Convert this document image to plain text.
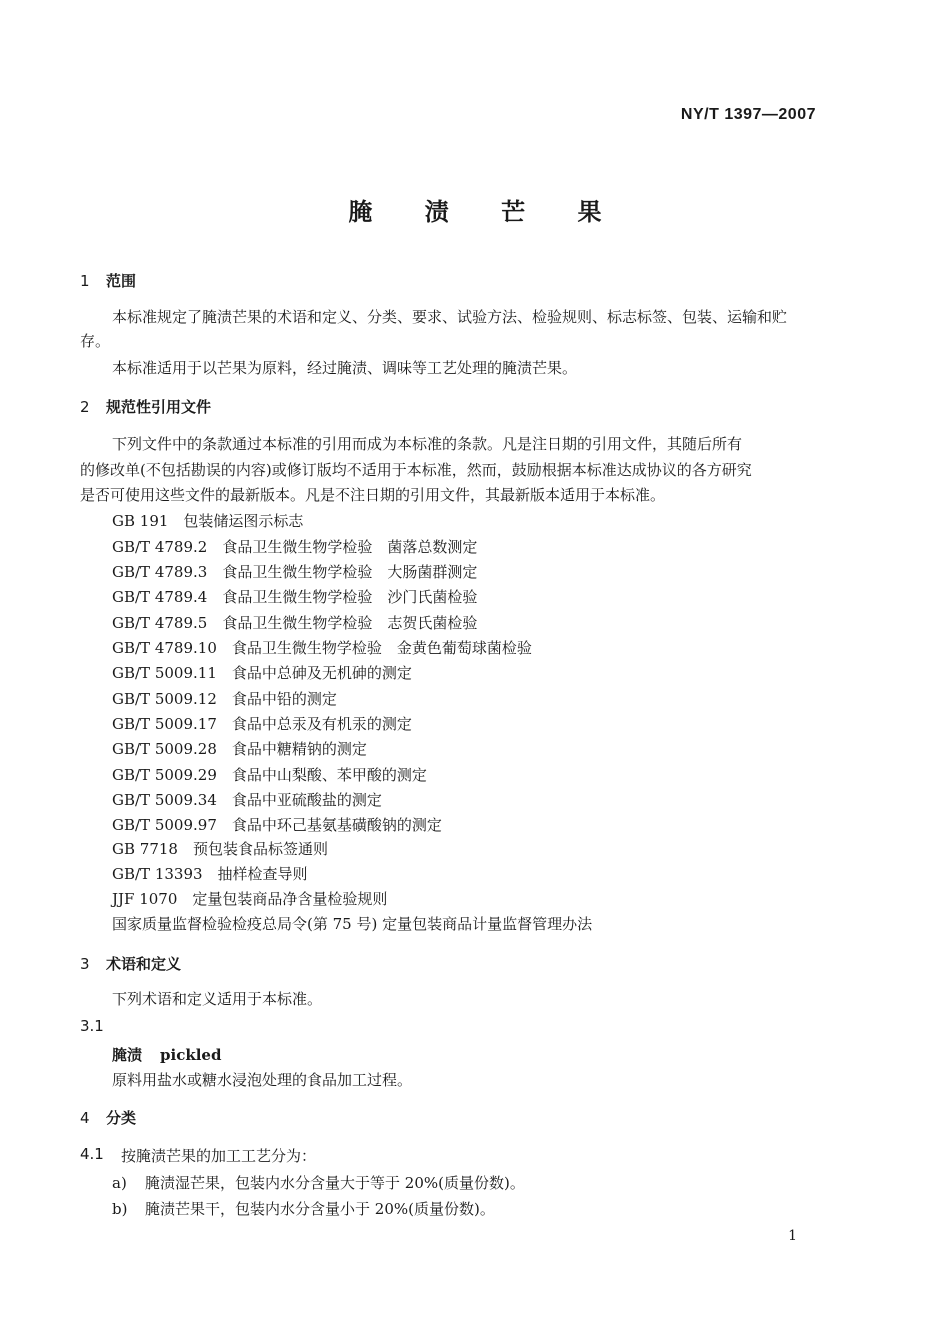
NY/T 1397—2007
腌 渍 芒 果
1 范围
本标准规定了腌渍芒果的术语和定义、分类、要求、试验方法、检验规则、标志标签、包装、运输和贮
存。
本标准适用于以芒果为原料，经过腌渍、调味等工艺处理的腌渍芒果。
2 规范性引用文件
下列文件中的条款通过本标准的引用而成为本标准的条款。凡是注日期的引用文件，其随后所有
的修改单(不包括勘误的内容)或修订版均不适用于本标准，然而，鼓励根据本标准达成协议的各方研究
是否可使用这些文件的最新版本。凡是不注日期的引用文件，其最新版本适用于本标准。
GB 191　包装储运图示标志
GB/T 4789.2　食品卫生微生物学检验　菌落总数测定
GB/T 4789.3　食品卫生微生物学检验　大肠菌群测定
GB/T 4789.4　食品卫生微生物学检验　沙门氏菌检验
GB/T 4789.5　食品卫生微生物学检验　志贺氏菌检验
GB/T 4789.10　食品卫生微生物学检验　金黄色葡萄球菌检验
GB/T 5009.11　食品中总砷及无机砷的测定
GB/T 5009.12　食品中铅的测定
GB/T 5009.17　食品中总汞及有机汞的测定
GB/T 5009.28　食品中糖精钠的测定
GB/T 5009.29　食品中山梨酸、苯甲酸的测定
GB/T 5009.34　食品中亚硫酸盐的测定
GB/T 5009.97　食品中环己基氨基磺酸钠的测定
GB 7718　预包装食品标签通则
GB/T 13393　抽样检查导则
JJF 1070　定量包装商品净含量检验规则
国家质量监督检验检疫总局令(第 75 号) 定量包装商品计量监督管理办法
3 术语和定义
下列术语和定义适用于本标准。
3.1
腌渍 pickled
原料用盐水或糖水浸泡处理的食品加工过程。
4 分类
4.1 按腌渍芒果的加工工艺分为：
a) 腌渍湿芒果，包装内水分含量大于等于 20%(质量份数)。
b) 腌渍芒果干，包装内水分含量小于 20%(质量份数)。
1
